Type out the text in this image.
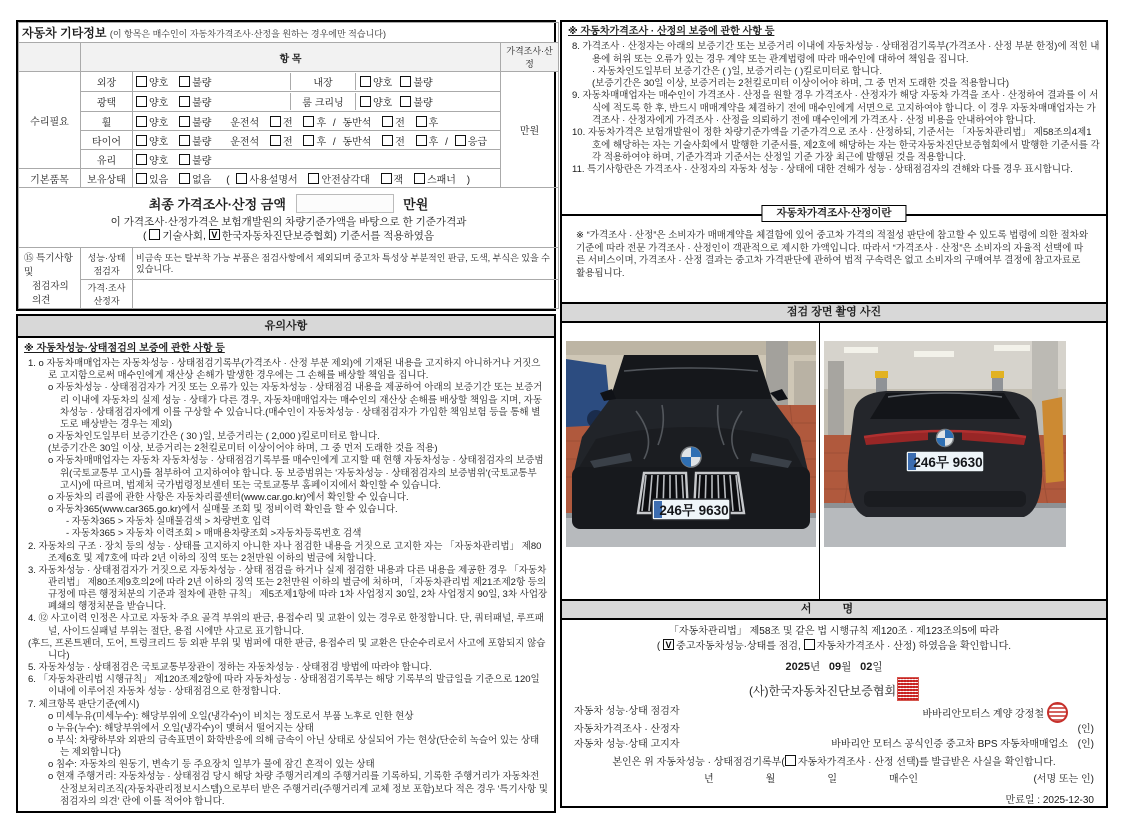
자동차 기타정보 (이 항목은 매수인이 자동차가격조사·산정을 원하는 경우에만 적습니다)			
	항 목		가격조사·산정
수리필요	외장	양호 불량 내장 양호 불량	만원
	광택	양호 불량 룸 크리닝 양호 불량	

	휠	양호 불량 운전석 전 후 / 동반석 전 후	
	타이어	양호 불량 운전석 전 후 / 동반석 전 후 / 응급	
	유리	양호 불량	
기본품목	보유상태	있음 없음 ( 사용설명서 안전삼각대 잭 스패너 )	

최종 가격조사·산정 금액 만원
이 가격조사·산정가격은 보험개발원의 차량기준가액을 바탕으로 한 기준가격과
( 기술사회, V한국자동차진단보증협회) 기준서를 적용하였음

⑮ 특기사항 및
점검자의 의견	성능·상태점검자	비금속 또는 탈부착 가능 부품은 점검사항에서 제외되며 중고차 특성상 부분적인 판금, 도색, 부식은 있을 수 있습니다.	
	가격·조사산정자		
유의사항
※ 자동차성능·상태점검의 보증에 관한 사항 등
1. o 자동차매매업자는 자동차성능 · 상태점검기록부(가격조사 · 산정 부분 제외)에 기재된 내용을 고지하지 아니하거나 거짓으로 고지함으로써 매수인에게 재산상 손해가 발생한 경우에는 그 손해를 배상할 책임을 집니다.
o 자동차성능 · 상태점검자가 거짓 또는 오류가 있는 자동차성능 · 상태점검 내용을 제공하여 아래의 보증기간 또는 보증거리 이내에 자동차의 실제 성능 · 상태가 다른 경우, 자동차매매업자는 매수인의 재산상 손해를 배상할 책임을 지며, 자동차성능 · 상태점검자에게 이를 구상할 수 있습니다.(매수인이 자동차성능 · 상태점검자가 가입한 책임보험 등을 통해 별도로 배상받는 경우는 제외)
o 자동차인도일부터 보증기간은 ( 30 )일, 보증거리는 ( 2,000 )킬로미터로 합니다.
(보증기간은 30일 이상, 보증거리는 2천킬로미터 이상이어야 하며, 그 중 먼저 도래한 것을 적용)
o 자동차매매업자는 자동차 자동차성능 · 상태점검기록부를 매수인에게 고지할 때 현행 자동차성능 · 상태점검자의 보증범위(국토교통부 고시)를 첨부하여 고지하여야 합니다. 동 보증범위는 '자동차성능 · 상태점검자의 보증범위'(국토교통부 고시)에 따르며, 법제처 국가법령정보센터 또는 국토교통부 홈페이지에서 확인할 수 있습니다.
o 자동차의 리콜에 관한 사항은 자동차리콜센터(www.car.go.kr)에서 확인할 수 있습니다.
o 자동차365(www.car365.go.kr)에서 실매물 조회 및 정비이력 확인을 할 수 있습니다.
- 자동차365 > 자동차 실매물검색 > 차량번호 입력
- 자동차365 > 자동차 이력조회 > 매매용차량조회 >자동차등록번호 검색
2. 자동차의 구조 · 장치 등의 성능 · 상태를 고지하지 아니한 자나 점검한 내용을 거짓으로 고지한 자는 「자동차관리법」 제80조제6호 및 제7호에 따라 2년 이하의 징역 또는 2천만원 이하의 벌금에 처합니다.
3. 자동차성능 · 상태점검자가 거짓으로 자동차성능 · 상태 점검을 하거나 실제 점검한 내용과 다른 내용을 제공한 경우 「자동차관리법」 제80조제9호의2에 따라 2년 이하의 징역 또는 2천만원 이하의 벌금에 처하며, 「자동차관리법 제21조제2항 등의 규정에 따른 행정처분의 기준과 절차에 관한 규칙」 제5조제1항에 따라 1차 사업정지 30일, 2차 사업정지 90일, 3차 사업장 폐쇄의 행정처분을 받습니다.
4. ⑫ 사고이력 인정은 사고로 자동차 주요 골격 부위의 판금, 용접수리 및 교환이 있는 경우로 한정합니다. 단, 쿼터패널, 루프패널, 사이드실패널 부위는 절단, 용접 시에만 사고로 표기합니다.
(후드, 프론트펜더, 도어, 트렁크리드 등 외판 부위 및 범퍼에 대한 판금, 용접수리 및 교환은 단순수리로서 사고에 포함되지 않습니다)
5. 자동차성능 · 상태점검은 국토교통부장관이 정하는 자동차성능 · 상태점검 방법에 따라야 합니다.
6. 「자동차관리법 시행규칙」 제120조제2항에 따라 자동차성능 · 상태점검기록부는 해당 기록부의 발급일을 기준으로 120일 이내에 이루어진 자동차 성능 · 상태점검으로 한정합니다.
7. 체크항목 판단기준(예시)
o 미세누유(미세누수): 해당부위에 오일(냉각수)이 비치는 정도로서 부품 노후로 인한 현상
o 누유(누수): 해당부위에서 오일(냉각수)이 맺혀서 떨어지는 상태
o 부식: 차량하부와 외판의 금속표면이 화학반응에 의해 금속이 아닌 상태로 상실되어 가는 현상(단순히 녹슬어 있는 상태는 제외합니다)
o 침수: 자동차의 원동기, 변속기 등 주요장치 일부가 물에 잠긴 흔적이 있는 상태
o 현재 주행거리: 자동차성능 · 상태점검 당시 해당 차량 주행거리계의 주행거리를 기록하되, 기록한 주행거리가 자동차전산정보처리조직(자동차관리정보시스템)으로부터 받은 주행거리(주행거리계 교체 정보 포함)보다 적은 경우 '특기사항 및 점검자의 의견' 란에 이를 적어야 합니다.
※ 자동차가격조사 · 산정의 보증에 관한 사항 등
8. 가격조사 · 산정자는 아래의 보증기간 또는 보증거리 이내에 자동차성능 · 상태점검기록부(가격조사 · 산정 부분 한정)에 적힌 내용에 허위 또는 오류가 있는 경우 계약 또는 관계법령에 따라 매수인에 대하여 책임을 집니다.
· 자동차인도일부터 보증기간은 ( )일, 보증거리는 ( )킬로미터로 합니다.
(보증기간은 30일 이상, 보증거리는 2천킬로미터 이상이어야 하며, 그 중 먼저 도래한 것을 적용합니다)
9. 자동차매매업자는 매수인이 가격조사 · 산정을 원할 경우 가격조사 · 산정자가 해당 자동차 가격을 조사 · 산정하여 결과를 이 서식에 적도록 한 후, 반드시 매매계약을 체결하기 전에 매수인에게 서면으로 고지하여야 합니다. 이 경우 자동차매매업자는 가격조사 · 산정자에게 가격조사 · 산정을 의뢰하기 전에 매수인에게 가격조사 · 산정 비용을 안내하여야 합니다.
10. 자동차가격은 보험개발원이 정한 차량기준가액을 기준가격으로 조사 · 산정하되, 기준서는 「자동차관리법」 제58조의4제1호에 해당하는 자는 기술사회에서 발행한 기준서를, 제2호에 해당하는 자는 한국자동차진단보증협회에서 발행한 기준서를 각각 적용하여야 하며, 기준가격과 기준서는 산정일 기준 가장 최근에 발행된 것을 적용합니다.
11. 특기사항란은 가격조사 · 산정자의 자동차 성능 · 상태에 대한 견해가 성능 · 상태점검자의 견해와 다를 경우 표시합니다.
자동차가격조사·산정이란
※ “가격조사 · 산정”은 소비자가 매매계약을 체결함에 있어 중고차 가격의 적절성 판단에 참고할 수 있도록 법령에 의한 절차와 기준에 따라 전문 가격조사 · 산정인이 객관적으로 제시한 가액입니다. 따라서 “가격조사 · 산정”은 소비자의 자율적 선택에 따른 서비스이며, 가격조사 · 산정 결과는 중고차 가격판단에 관하여 법적 구속력은 없고 소비자의 구매여부 결정에 참고자료로 활용됩니다.
점검 장면 촬영 사진
246무 9630
246무 9630
서 명
「자동차관리법」 제58조 및 같은 법 시행규칙 제120조 · 제123조의5에 따라
( V중고자동차성능·상태를 점검, 자동차가격조사 · 산정) 하였음을 확인합니다.
2025년 09월 02일
(사)한국자동차진단보증협회
자동차 성능·상태 점검자	바바리안모터스 계양 강정철
자동차가격조사 · 산정자	(인)
자동차 성능·상태 고지자	바바리안 모터스 공식인증 중고차 BPS 자동차매매업소 (인)
본인은 위 자동차성능 · 상태점검기록부( 자동차가격조사 · 산정 선택)를 발급받은 사실을 확인합니다.
년	월	일	매수인	(서명 또는 인)
만료일 : 2025-12-30
